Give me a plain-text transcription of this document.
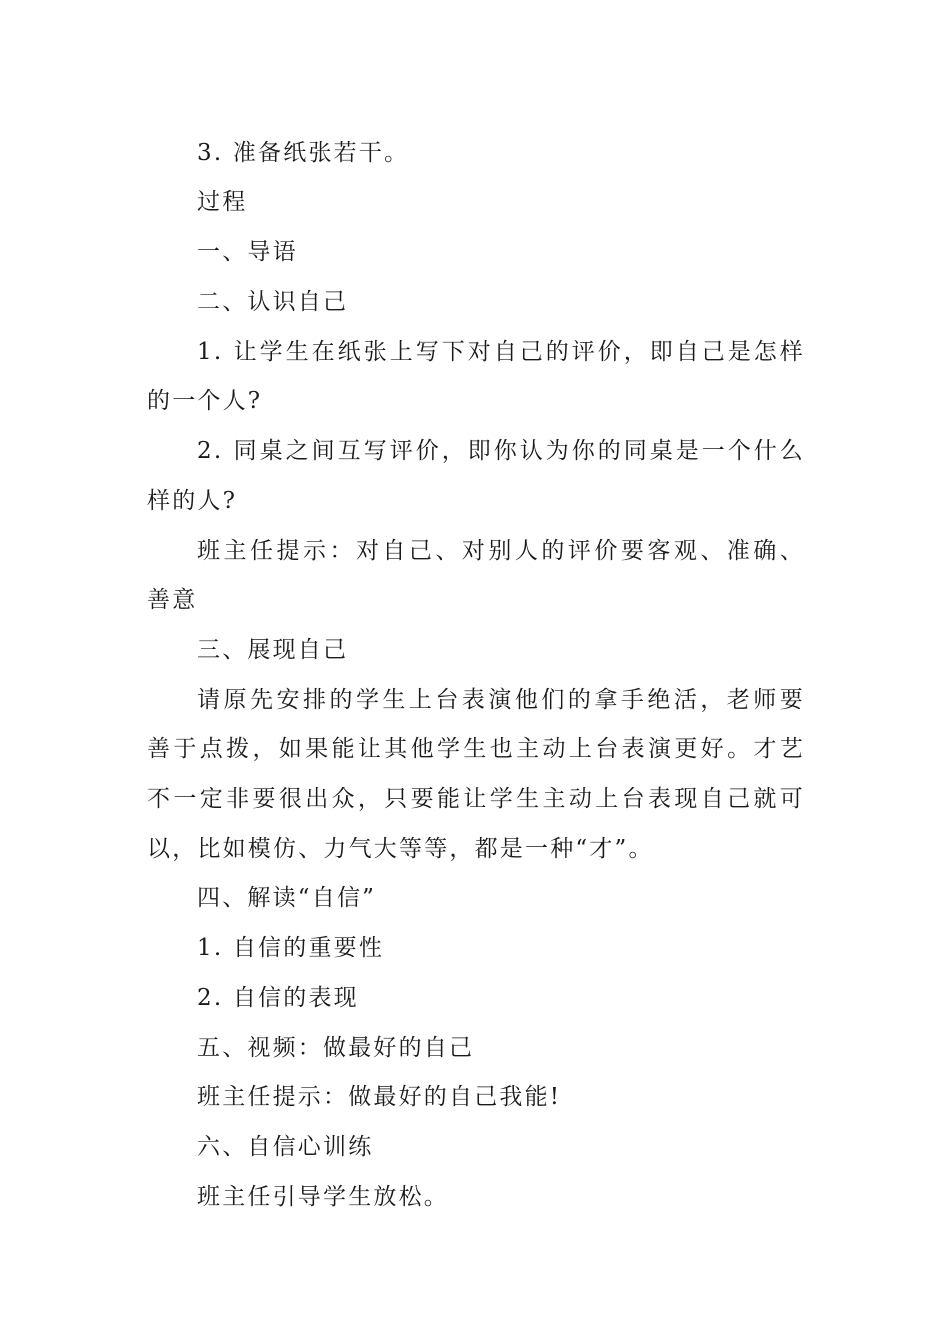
3. 准备纸张若干。
过程
一、导语
二、认识自己
1. 让学生在纸张上写下对自己的评价，即自己是怎样
的一个人?
2. 同桌之间互写评价，即你认为你的同桌是一个什么
样的人?
班主任提示：对自己、对别人的评价要客观、准确、
善意
三、展现自己
请原先安排的学生上台表演他们的拿手绝活，老师要
善于点拨，如果能让其他学生也主动上台表演更好。才艺
不一定非要很出众，只要能让学生主动上台表现自己就可
以，比如模仿、力气大等等，都是一种“才”。
四、解读“自信”
1. 自信的重要性
2. 自信的表现
五、视频：做最好的自己
班主任提示：做最好的自己我能!
六、自信心训练
班主任引导学生放松。
